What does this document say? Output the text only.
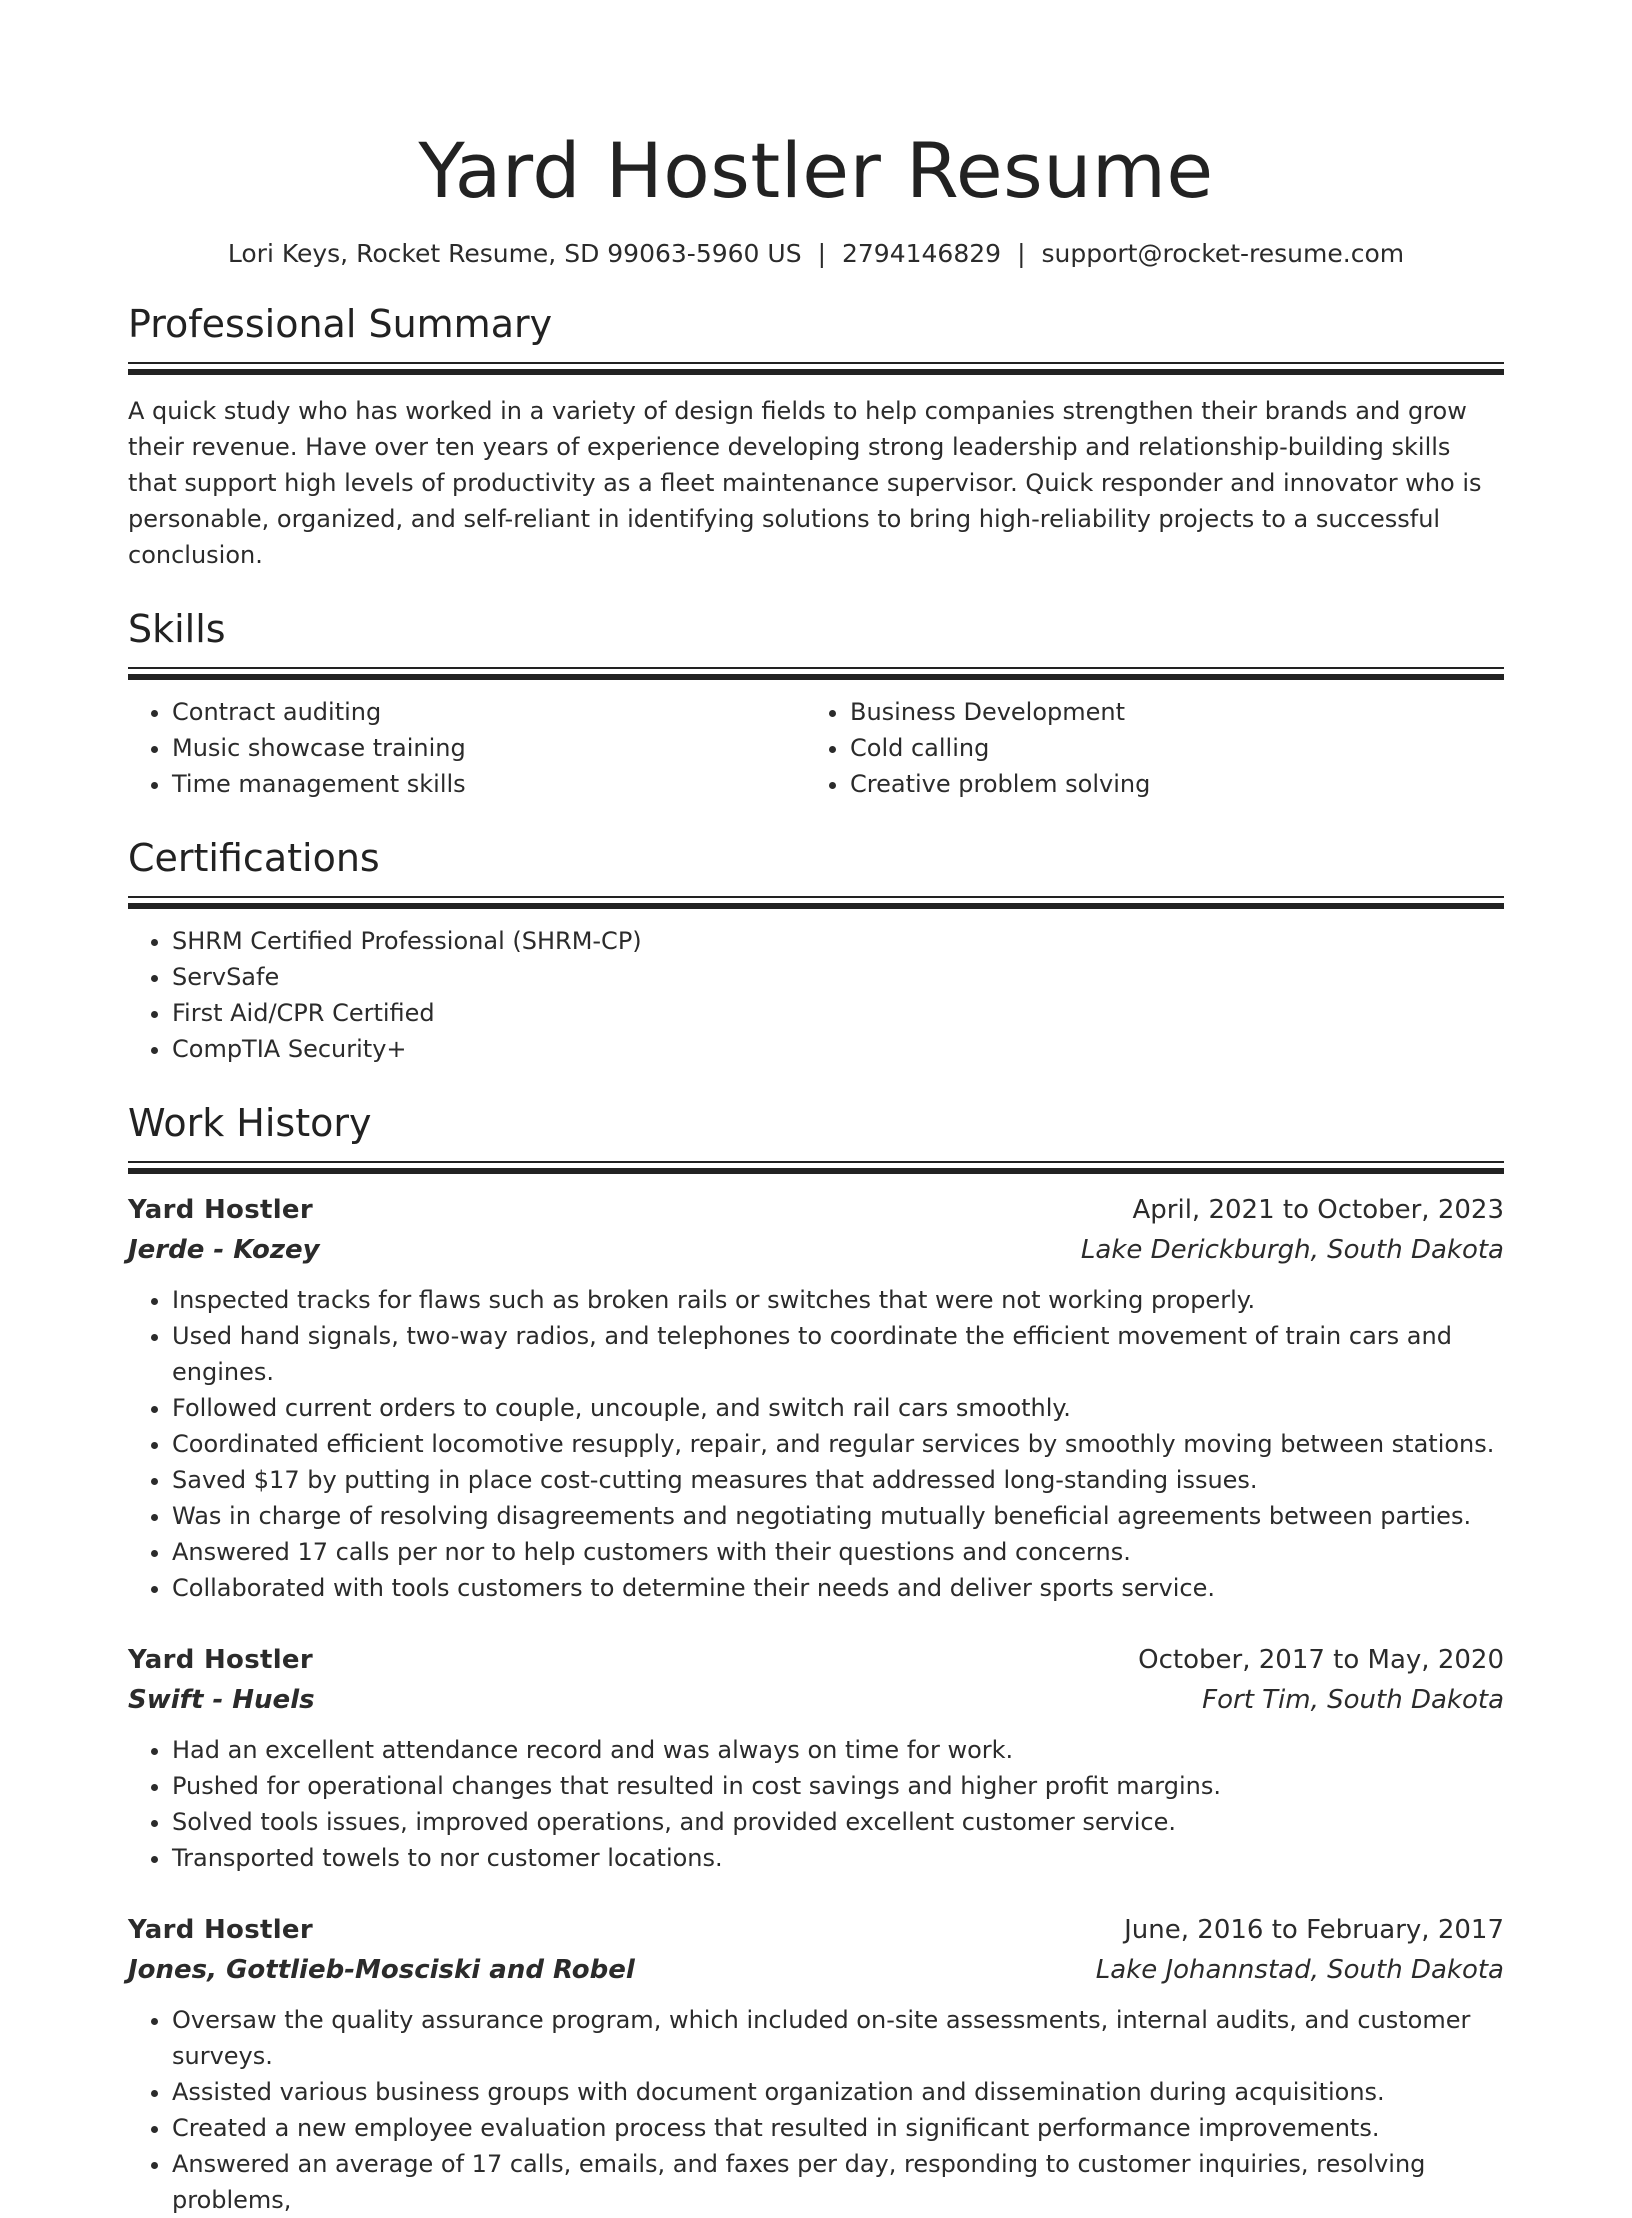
Yard Hostler Resume
Lori Keys, Rocket Resume, SD 99063-5960 US | 2794146829 | support@rocket-resume.com
Professional Summary

A quick study who has worked in a variety of design fields to help companies strengthen their brands and grow their revenue. Have over ten years of experience developing strong leadership and relationship-building skills that support high levels of productivity as a fleet maintenance supervisor. Quick responder and innovator who is personable, organized, and self-reliant in identifying solutions to bring high-reliability projects to a successful conclusion.

Skills
• Contract auditing
• Music showcase training
• Time management skills
• Business Development
• Cold calling
• Creative problem solving
Certifications
• SHRM Certified Professional (SHRM-CP)
• ServSafe
• First Aid/CPR Certified
• CompTIA Security+
Work History
Yard Hostler	April, 2021 to October, 2023
Jerde - Kozey	Lake Derickburgh, South Dakota
• Inspected tracks for flaws such as broken rails or switches that were not working properly.
• Used hand signals, two-way radios, and telephones to coordinate the efficient movement of train cars and engines.
• Followed current orders to couple, uncouple, and switch rail cars smoothly.
• Coordinated efficient locomotive resupply, repair, and regular services by smoothly moving between stations.
• Saved $17 by putting in place cost-cutting measures that addressed long-standing issues.
• Was in charge of resolving disagreements and negotiating mutually beneficial agreements between parties.
• Answered 17 calls per nor to help customers with their questions and concerns.
• Collaborated with tools customers to determine their needs and deliver sports service.
Yard Hostler	October, 2017 to May, 2020
Swift - Huels	Fort Tim, South Dakota
• Had an excellent attendance record and was always on time for work.
• Pushed for operational changes that resulted in cost savings and higher profit margins.
• Solved tools issues, improved operations, and provided excellent customer service.
• Transported towels to nor customer locations.
Yard Hostler	June, 2016 to February, 2017
Jones, Gottlieb-Mosciski and Robel	Lake Johannstad, South Dakota
• Oversaw the quality assurance program, which included on-site assessments, internal audits, and customer surveys.
• Assisted various business groups with document organization and dissemination during acquisitions.
• Created a new employee evaluation process that resulted in significant performance improvements.
• Answered an average of 17 calls, emails, and faxes per day, responding to customer inquiries, resolving problems,
